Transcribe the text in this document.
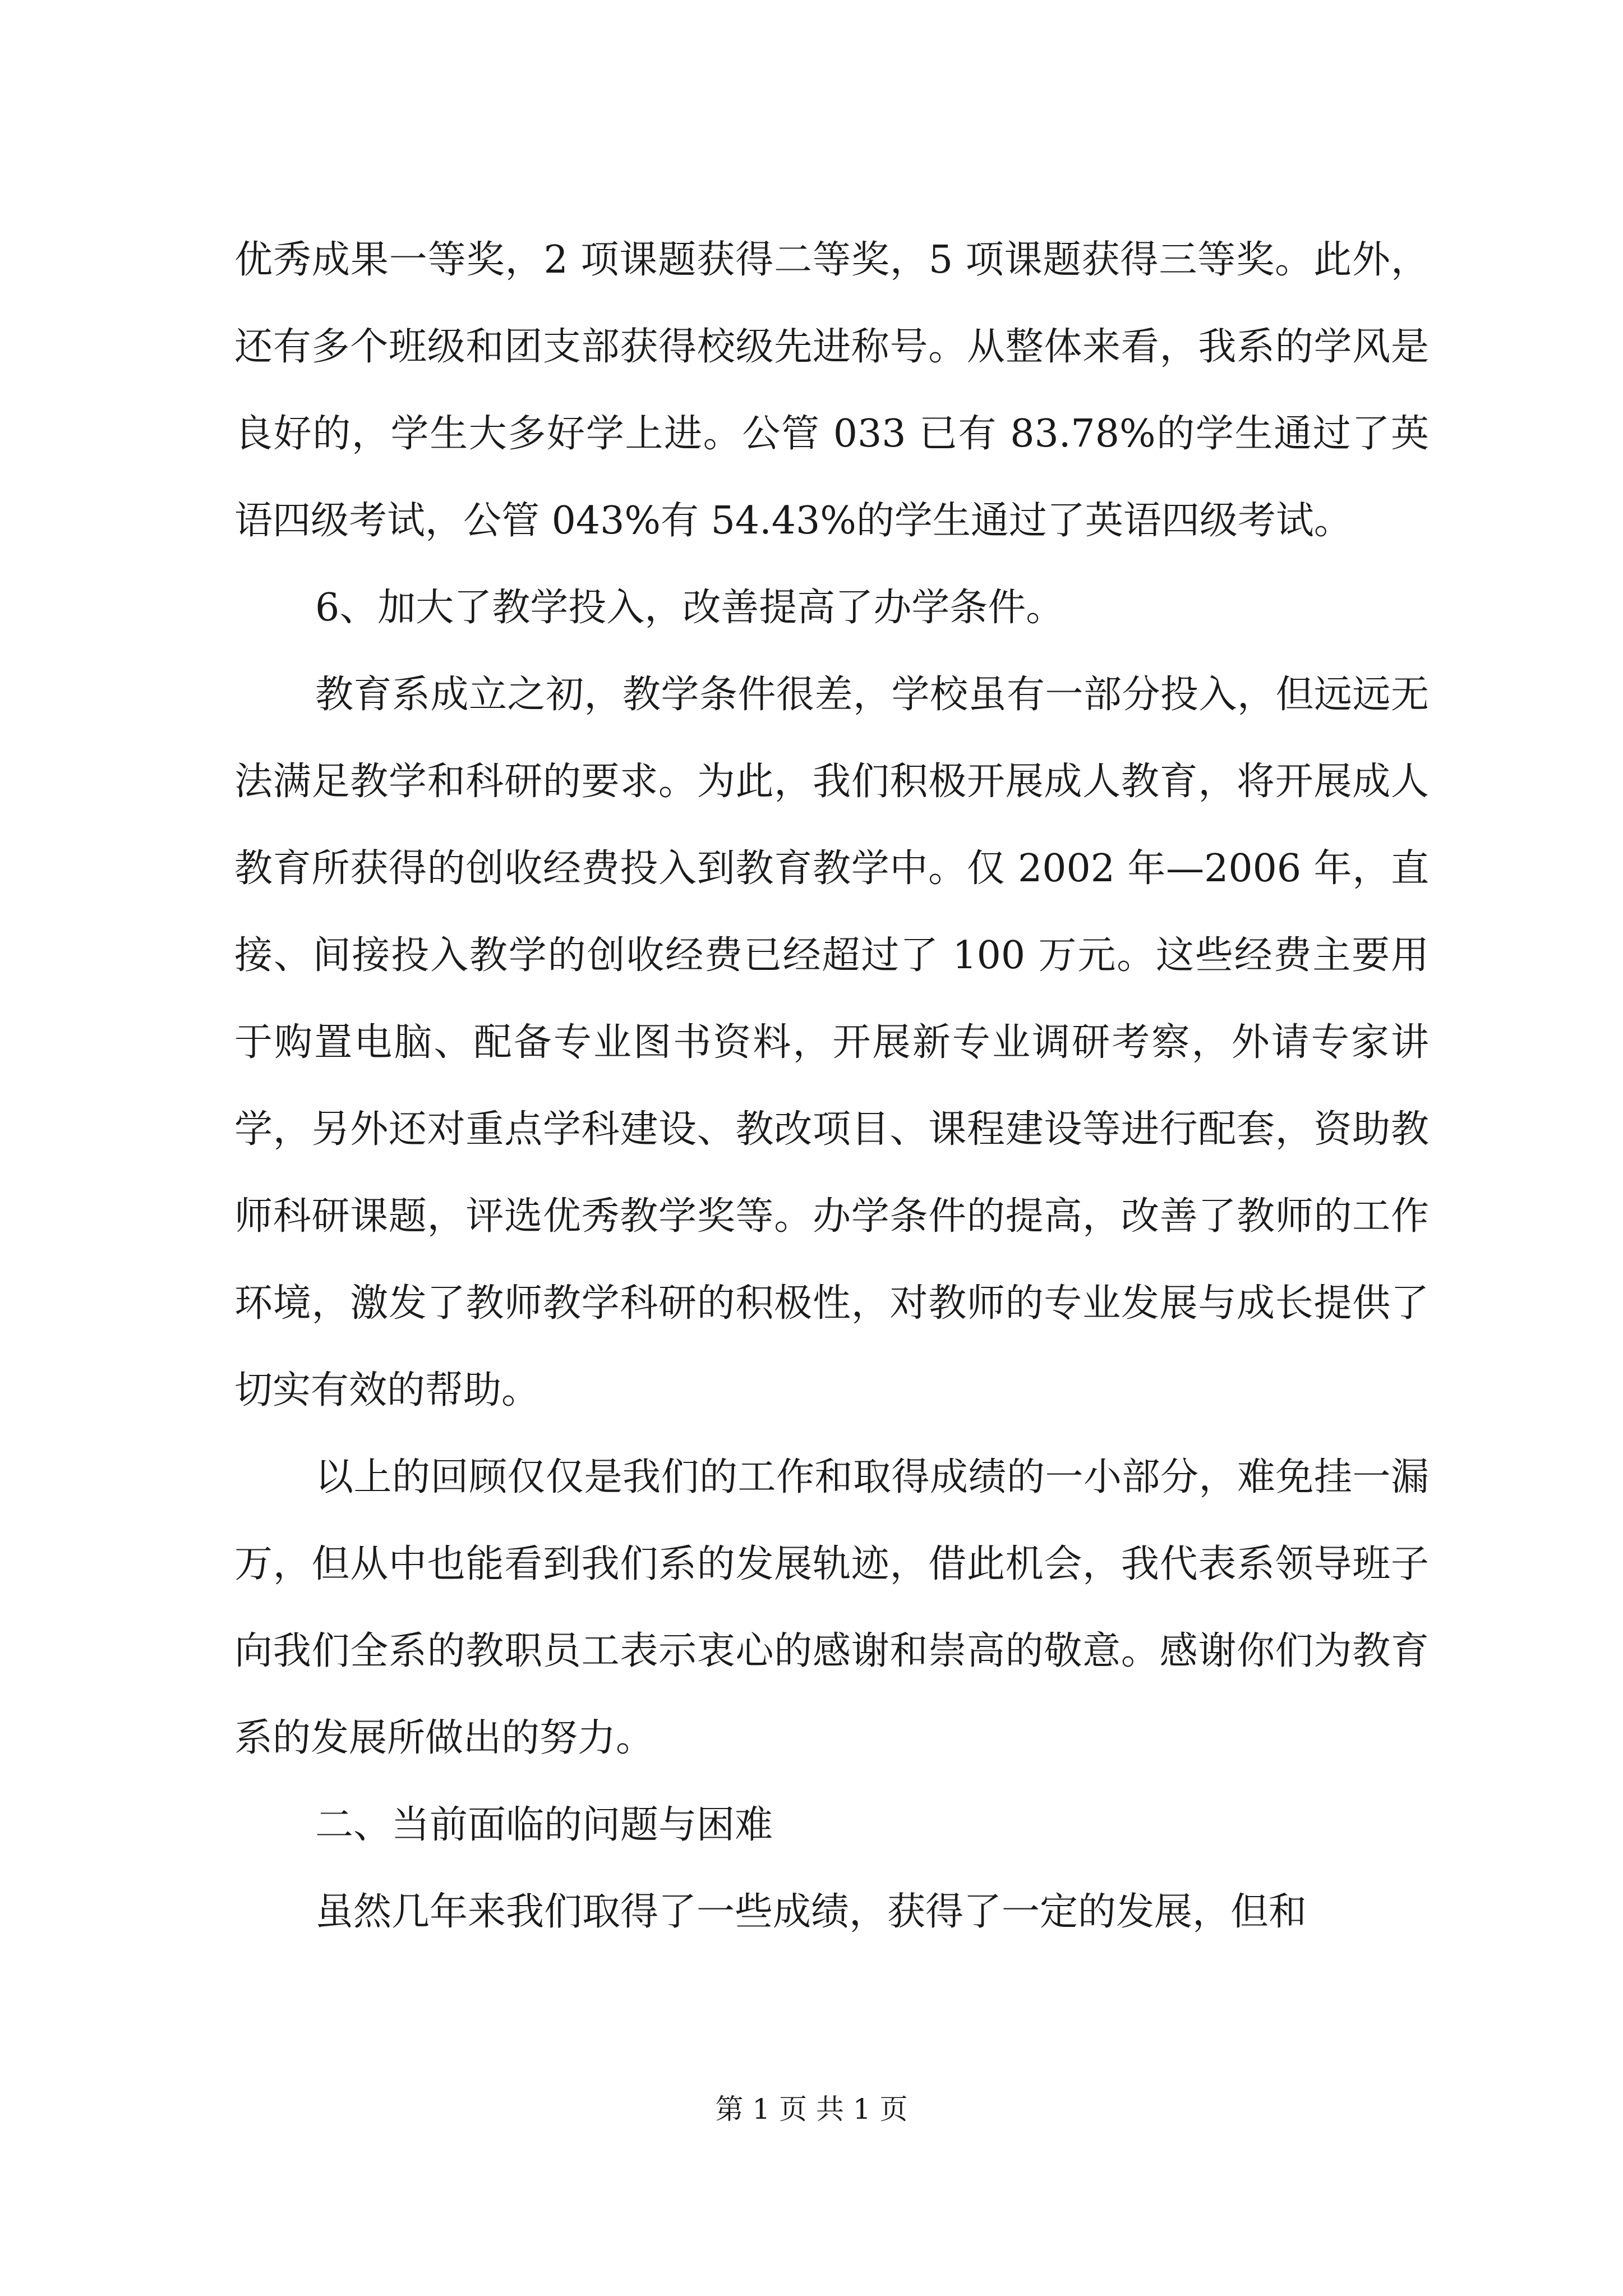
优秀成果一等奖，2 项课题获得二等奖，5 项课题获得三等奖。此外，还有多个班级和团支部获得校级先进称号。从整体来看，我系的学风是良好的，学生大多好学上进。公管 033 已有 83.78%的学生通过了英语四级考试，公管 043%有 54.43%的学生通过了英语四级考试。

6、加大了教学投入，改善提高了办学条件。

教育系成立之初，教学条件很差，学校虽有一部分投入，但远远无法满足教学和科研的要求。为此，我们积极开展成人教育，将开展成人教育所获得的创收经费投入到教育教学中。仅 2002 年—2006 年，直接、间接投入教学的创收经费已经超过了 100 万元。这些经费主要用于购置电脑、配备专业图书资料，开展新专业调研考察，外请专家讲学，另外还对重点学科建设、教改项目、课程建设等进行配套，资助教师科研课题，评选优秀教学奖等。办学条件的提高，改善了教师的工作环境，激发了教师教学科研的积极性，对教师的专业发展与成长提供了切实有效的帮助。

以上的回顾仅仅是我们的工作和取得成绩的一小部分，难免挂一漏万，但从中也能看到我们系的发展轨迹，借此机会，我代表系领导班子向我们全系的教职员工表示衷心的感谢和崇高的敬意。感谢你们为教育系的发展所做出的努力。

二、当前面临的问题与困难

虽然几年来我们取得了一些成绩，获得了一定的发展，但和

第 1 页 共 1 页
